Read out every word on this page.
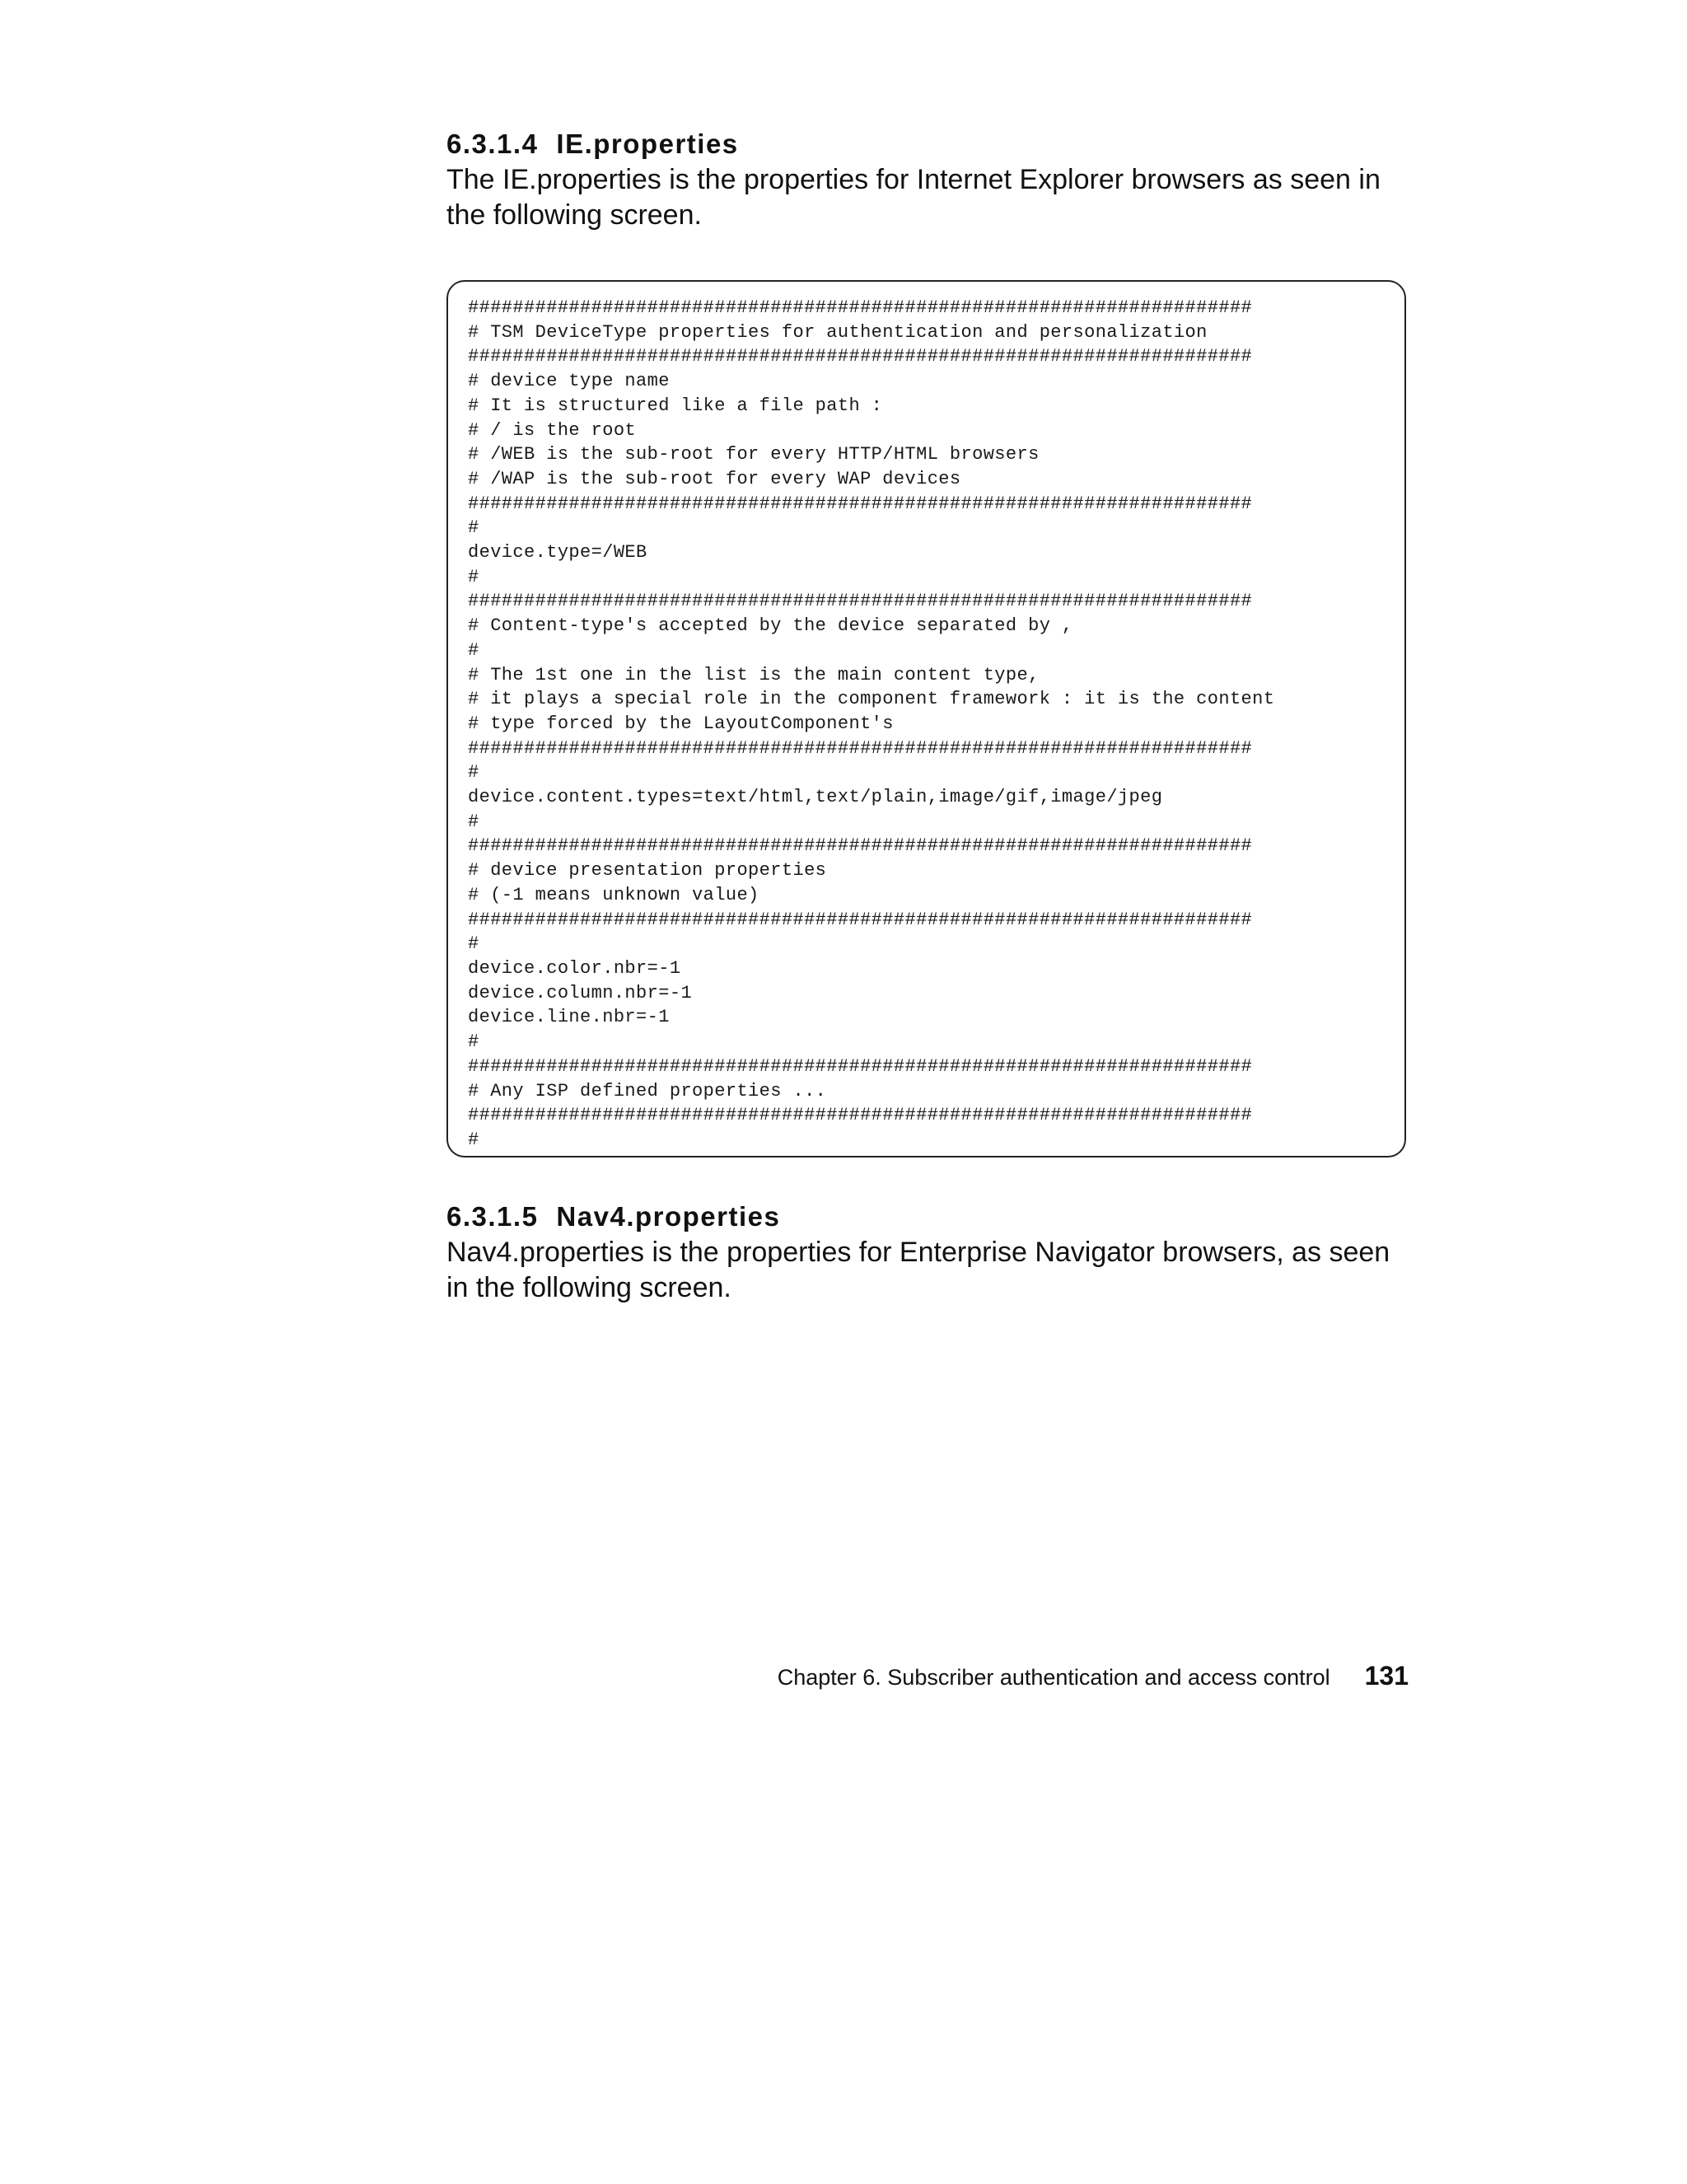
6.3.1.4 IE.properties

The IE.properties is the properties for Internet Explorer browsers as seen in the following screen.

######################################################################
# TSM DeviceType properties for authentication and personalization
######################################################################
# device type name
# It is structured like a file path :
# / is the root
# /WEB is the sub-root for every HTTP/HTML browsers
# /WAP is the sub-root for every WAP devices
######################################################################
#
device.type=/WEB
#
######################################################################
# Content-type's accepted by the device separated by ,
#
# The 1st one in the list is the main content type,
# it plays a special role in the component framework : it is the content
# type forced by the LayoutComponent's
######################################################################
#
device.content.types=text/html,text/plain,image/gif,image/jpeg
#
######################################################################
# device presentation properties
# (-1 means unknown value)
######################################################################
#
device.color.nbr=-1
device.column.nbr=-1
device.line.nbr=-1
#
######################################################################
# Any ISP defined properties ...
######################################################################
#
6.3.1.5 Nav4.properties

Nav4.properties is the properties for Enterprise Navigator browsers, as seen in the following screen.

Chapter 6. Subscriber authentication and access control 131
